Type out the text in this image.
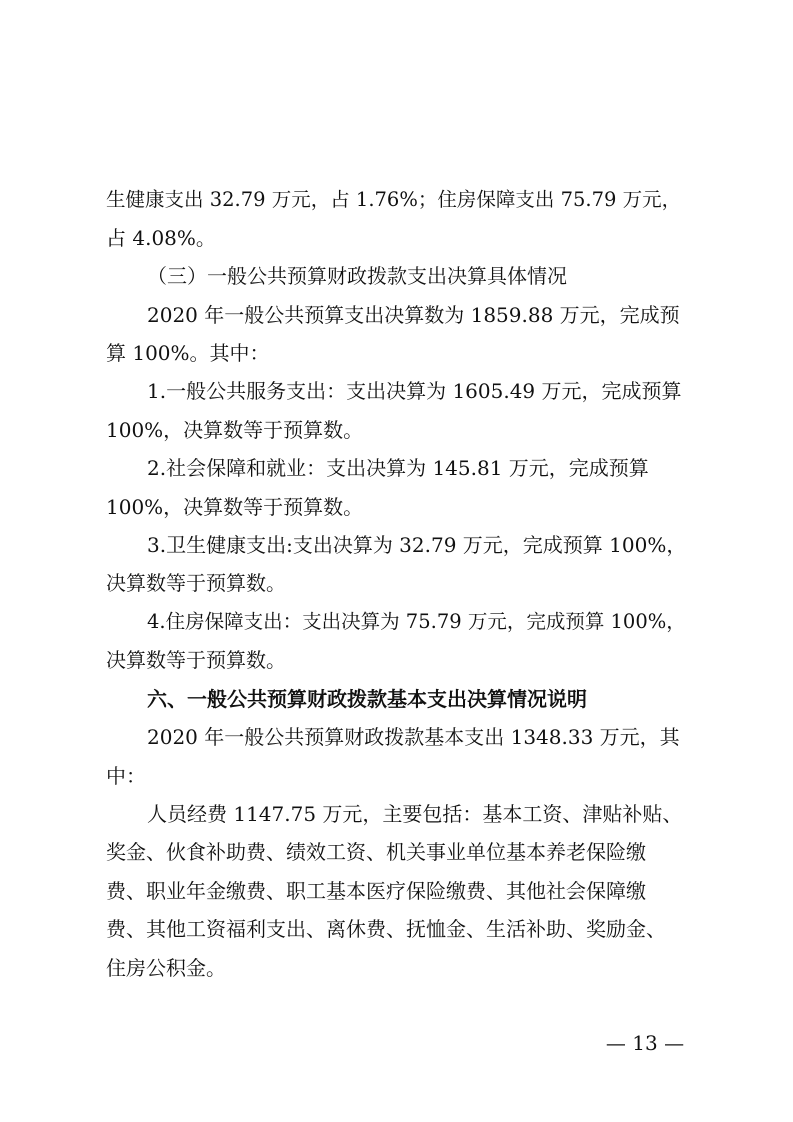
生健康支出 32.79 万元，占 1.76%；住房保障支出 75.79 万元，
占 4.08%。
（三）一般公共预算财政拨款支出决算具体情况
2020 年一般公共预算支出决算数为 1859.88 万元，完成预
算 100%。其中：
1.一般公共服务支出：支出决算为 1605.49 万元，完成预算
100%，决算数等于预算数。
2.社会保障和就业：支出决算为 145.81 万元，完成预算
100%，决算数等于预算数。
3.卫生健康支出:支出决算为 32.79 万元，完成预算 100%，
决算数等于预算数。
4.住房保障支出：支出决算为 75.79 万元，完成预算 100%，
决算数等于预算数。
六、一般公共预算财政拨款基本支出决算情况说明
2020 年一般公共预算财政拨款基本支出 1348.33 万元，其
中：
人员经费 1147.75 万元，主要包括：基本工资、津贴补贴、
奖金、伙食补助费、绩效工资、机关事业单位基本养老保险缴
费、职业年金缴费、职工基本医疗保险缴费、其他社会保障缴
费、其他工资福利支出、离休费、抚恤金、生活补助、奖励金、
住房公积金。
— 13 —
